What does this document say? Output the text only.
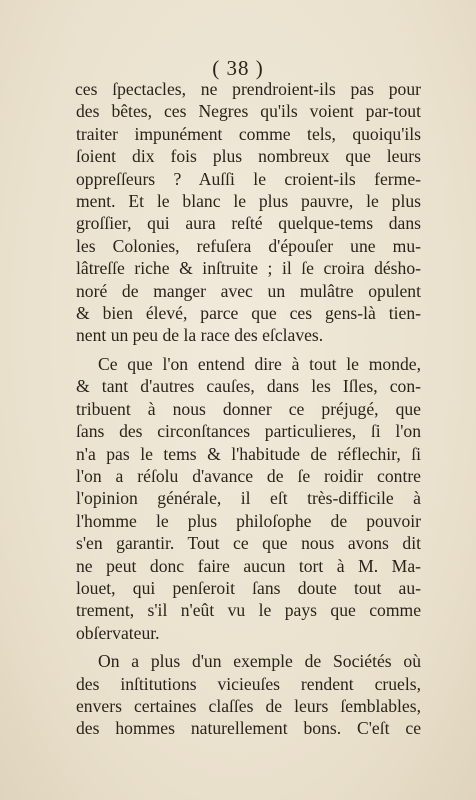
( 38 )
ces ſpectacles, ne prendroient-ils pas pour
des bêtes, ces Negres qu'ils voient par-tout
traiter impunément comme tels, quoiqu'ils
ſoient dix fois plus nombreux que leurs
oppreſſeurs ? Auſſi le croient-ils ferme-
ment. Et le blanc le plus pauvre, le plus
groſſier, qui aura reſté quelque-tems dans
les Colonies, refuſera d'épouſer une mu-
lâtreſſe riche & inſtruite ; il ſe croira désho-
noré de manger avec un mulâtre opulent
& bien élevé, parce que ces gens-là tien-
nent un peu de la race des eſclaves.
Ce que l'on entend dire à tout le monde,
& tant d'autres cauſes, dans les Iſles, con-
tribuent à nous donner ce préjugé, que
ſans des circonſtances particulieres, ſi l'on
n'a pas le tems & l'habitude de réflechir, ſi
l'on a réſolu d'avance de ſe roidir contre
l'opinion générale, il eſt très-difficile à
l'homme le plus philoſophe de pouvoir
s'en garantir. Tout ce que nous avons dit
ne peut donc faire aucun tort à M. Ma-
louet, qui penſeroit ſans doute tout au-
trement, s'il n'eût vu le pays que comme
obſervateur.
On a plus d'un exemple de Sociétés où
des inſtitutions vicieuſes rendent cruels,
envers certaines claſſes de leurs ſemblables,
des hommes naturellement bons. C'eſt ce
